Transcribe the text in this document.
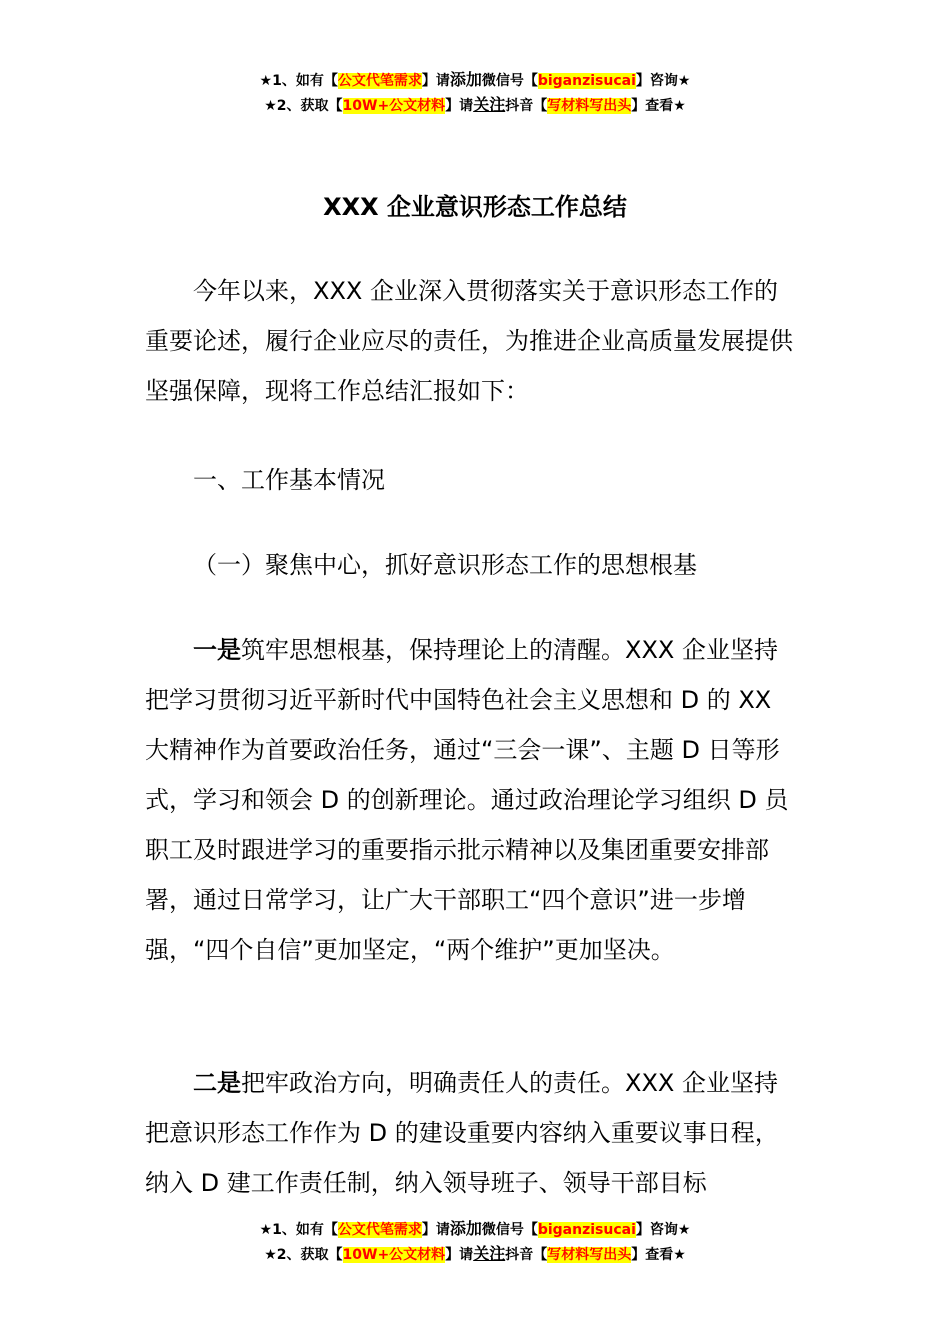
★1、如有【公文代笔需求】请添加微信号【biganzisucai】咨询★
★2、获取【10W+公文材料】请关注抖音【写材料写出头】查看★
XXX 企业意识形态工作总结

今年以来，XXX 企业深入贯彻落实关于意识形态工作的重要论述，履行企业应尽的责任，为推进企业高质量发展提供坚强保障，现将工作总结汇报如下：

一、工作基本情况

（一）聚焦中心，抓好意识形态工作的思想根基

一是筑牢思想根基，保持理论上的清醒。XXX 企业坚持把学习贯彻习近平新时代中国特色社会主义思想和 D 的 XX 大精神作为首要政治任务，通过“三会一课”、主题 D 日等形式，学习和领会 D 的创新理论。通过政治理论学习组织 D 员职工及时跟进学习的重要指示批示精神以及集团重要安排部署，通过日常学习，让广大干部职工“四个意识”进一步增强，“四个自信”更加坚定，“两个维护”更加坚决。

二是把牢政治方向，明确责任人的责任。XXX 企业坚持把意识形态工作作为 D 的建设重要内容纳入重要议事日程，纳入 D 建工作责任制，纳入领导班子、领导干部目标

★1、如有【公文代笔需求】请添加微信号【biganzisucai】咨询★
★2、获取【10W+公文材料】请关注抖音【写材料写出头】查看★
